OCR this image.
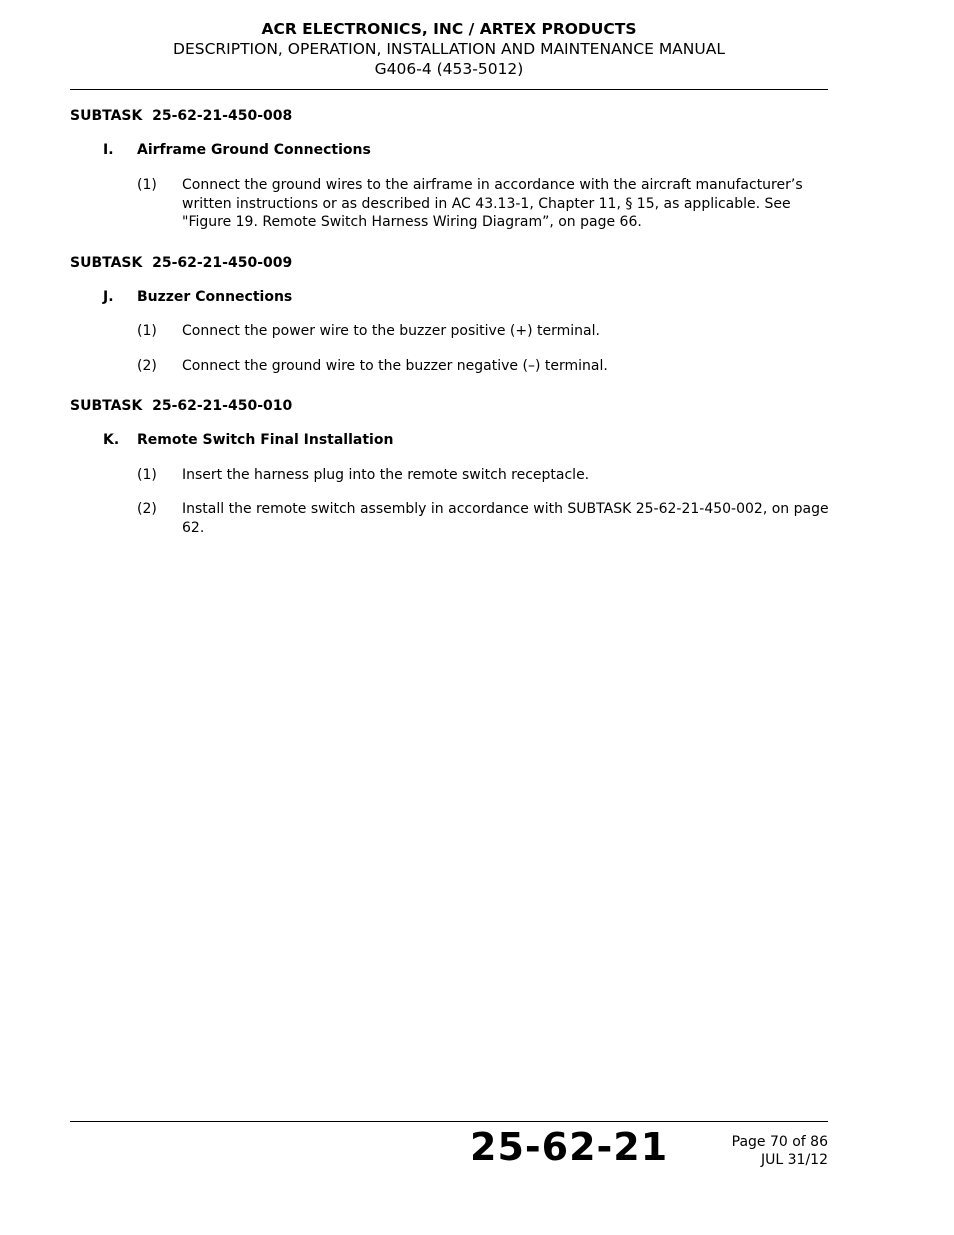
ACR ELECTRONICS, INC / ARTEX PRODUCTS
DESCRIPTION, OPERATION, INSTALLATION AND MAINTENANCE MANUAL
G406-4 (453-5012)
SUBTASK  25-62-21-450-008
I. Airframe Ground Connections
(1) Connect the ground wires to the airframe in accordance with the aircraft manufacturer’s written instructions or as described in AC 43.13-1, Chapter 11, § 15, as applicable. See "Figure 19. Remote Switch Harness Wiring Diagram”, on page 66.
SUBTASK  25-62-21-450-009
J. Buzzer Connections
(1) Connect the power wire to the buzzer positive (+) terminal.
(2) Connect the ground wire to the buzzer negative (–) terminal.
SUBTASK  25-62-21-450-010
K. Remote Switch Final Installation
(1) Insert the harness plug into the remote switch receptacle.
(2) Install the remote switch assembly in accordance with SUBTASK 25-62-21-450-002, on page 62.
25-62-21	Page 70 of 86
JUL 31/12
